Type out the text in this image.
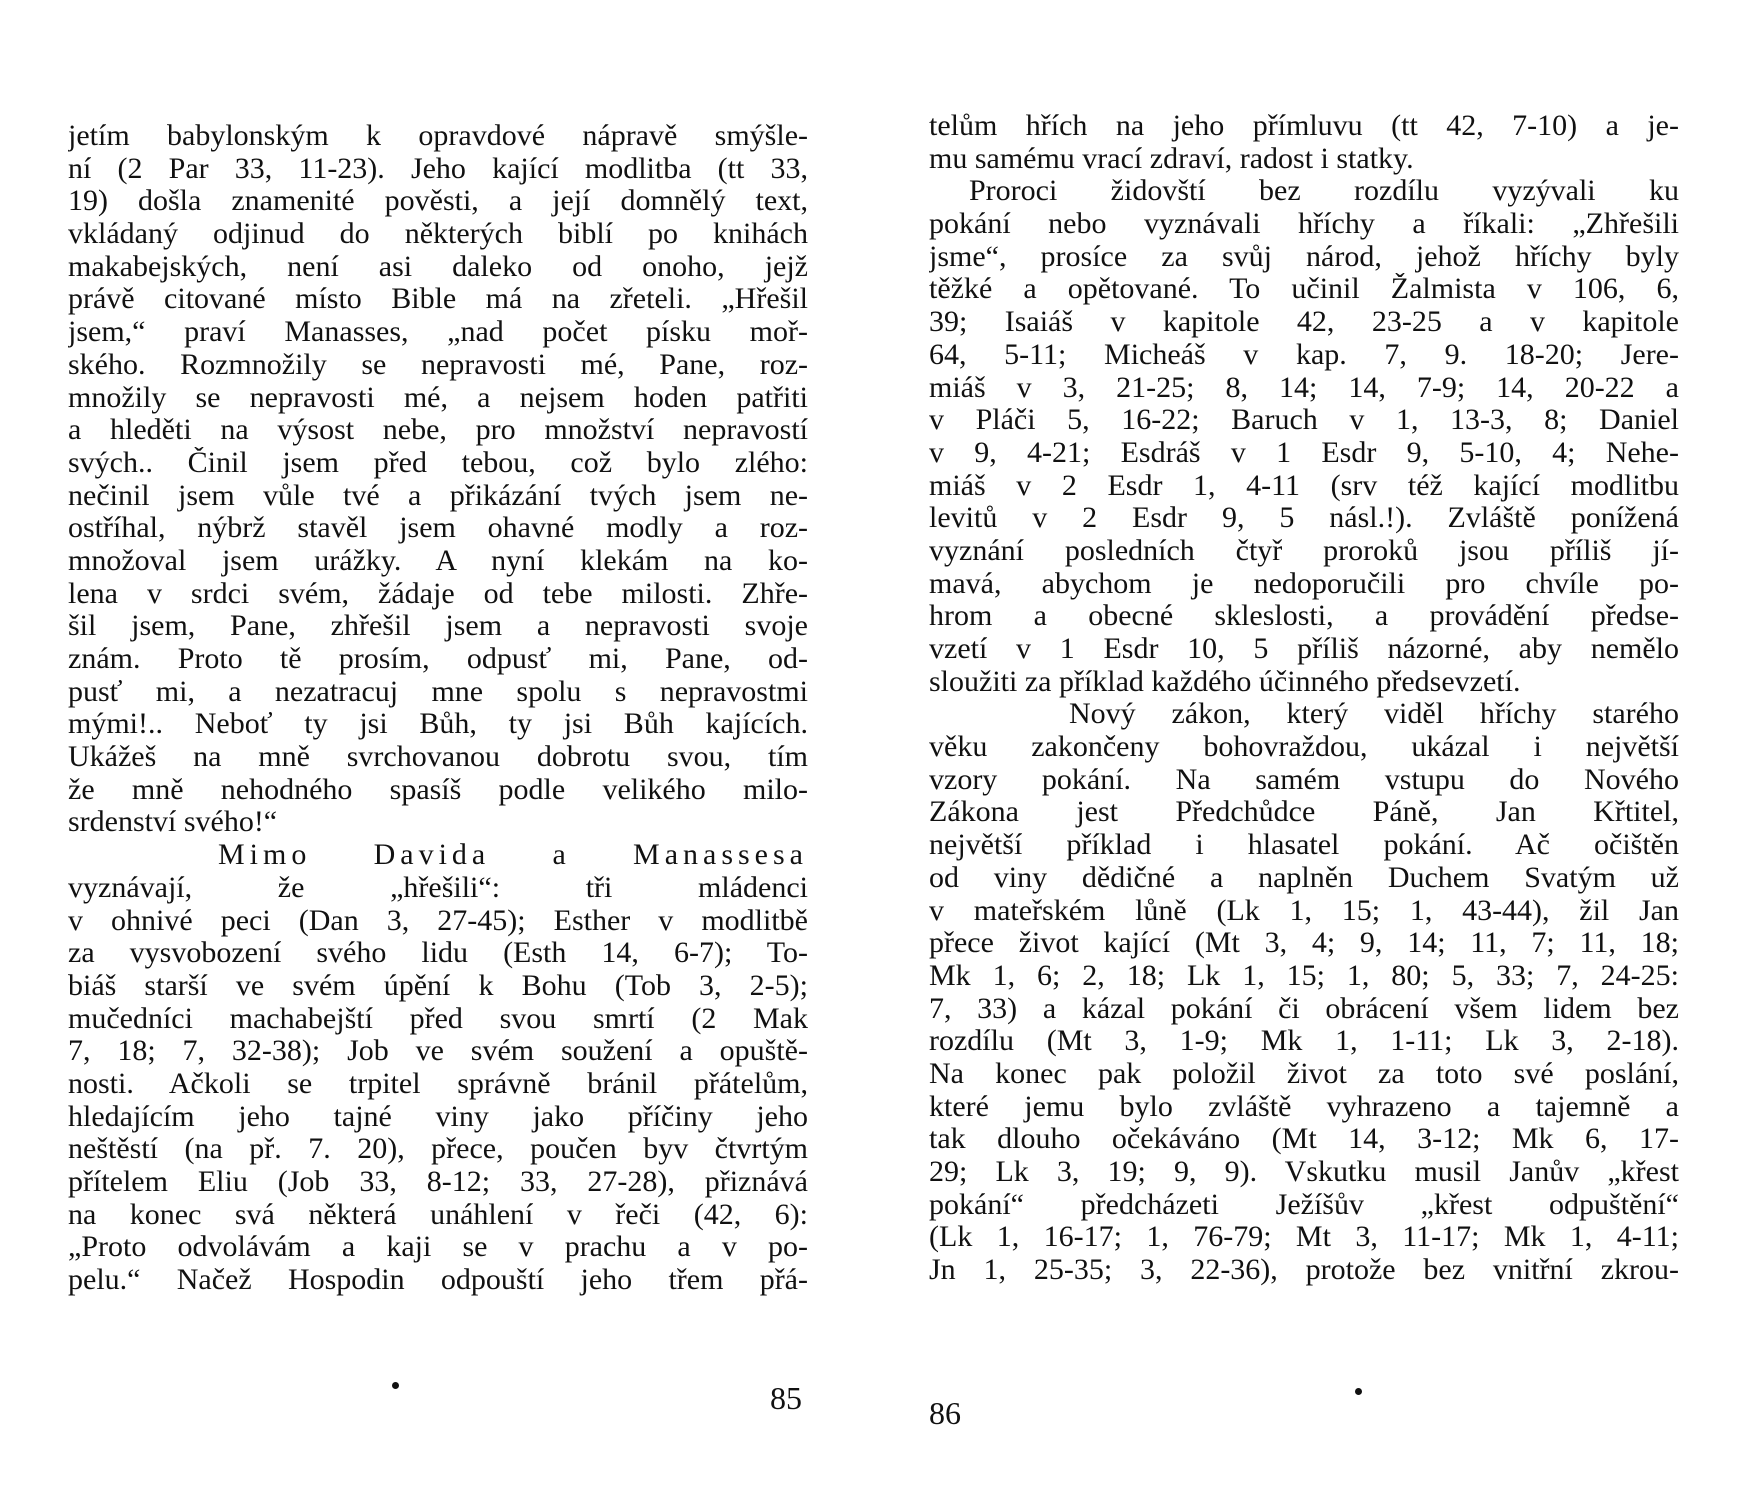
jetím babylonským k opravdové nápravě smýšle-
ní (2 Par 33, 11-23). Jeho kající modlitba (tt 33,
19) došla znamenité pověsti, a její domnělý text,
vkládaný odjinud do některých biblí po knihách
makabejských, není asi daleko od onoho, jejž
právě citované místo Bible má na zřeteli. „Hřešil
jsem,“ praví Manasses, „nad počet písku moř-
ského. Rozmnožily se nepravosti mé, Pane, roz-
množily se nepravosti mé, a nejsem hoden patřiti
a hleděti na výsost nebe, pro množství nepravostí
svých.. Činil jsem před tebou, což bylo zlého:
nečinil jsem vůle tvé a přikázání tvých jsem ne-
ostříhal, nýbrž stavěl jsem ohavné modly a roz-
množoval jsem urážky. A nyní klekám na ko-
lena v srdci svém, žádaje od tebe milosti. Zhře-
šil jsem, Pane, zhřešil jsem a nepravosti svoje
znám. Proto tě prosím, odpusť mi, Pane, od-
pusť mi, a nezatracuj mne spolu s nepravostmi
mými!.. Neboť ty jsi Bůh, ty jsi Bůh kajících.
Ukážeš na mně svrchovanou dobrotu svou, tím
že mně nehodného spasíš podle velikého milo-
srdenství svého!“
Mimo Davida a Manassesa
vyznávají, že „hřešili“: tři mládenci
v ohnivé peci (Dan 3, 27-45); Esther v modlitbě
za vysvobození svého lidu (Esth 14, 6-7); To-
biáš starší ve svém úpění k Bohu (Tob 3, 2-5);
mučedníci machabejští před svou smrtí (2 Mak
7, 18; 7, 32-38); Job ve svém soužení a opuště-
nosti. Ačkoli se trpitel správně bránil přátelům,
hledajícím jeho tajné viny jako příčiny jeho
neštěstí (na př. 7. 20), přece, poučen byv čtvrtým
přítelem Eliu (Job 33, 8-12; 33, 27-28), přiznává
na konec svá některá unáhlení v řeči (42, 6):
„Proto odvolávám a kaji se v prachu a v po-
pelu.“ Načež Hospodin odpouští jeho třem přá-
85
telům hřích na jeho přímluvu (tt 42, 7-10) a je-
mu samému vrací zdraví, radost i statky.
Proroci židovští bez rozdílu vyzývali ku
pokání nebo vyznávali hříchy a říkali: „Zhřešili
jsme“, prosíce za svůj národ, jehož hříchy byly
těžké a opětované. To učinil Žalmista v 106, 6,
39; Isaiáš v kapitole 42, 23-25 a v kapitole
64, 5-11; Micheáš v kap. 7, 9. 18-20; Jere-
miáš v 3, 21-25; 8, 14; 14, 7-9; 14, 20-22 a
v Pláči 5, 16-22; Baruch v 1, 13-3, 8; Daniel
v 9, 4-21; Esdráš v 1 Esdr 9, 5-10, 4; Nehe-
miáš v 2 Esdr 1, 4-11 (srv též kající modlitbu
levitů v 2 Esdr 9, 5 násl.!). Zvláště ponížená
vyznání posledních čtyř proroků jsou příliš jí-
mavá, abychom je nedoporučili pro chvíle po-
hrom a obecné skleslosti, a provádění předse-
vzetí v 1 Esdr 10, 5 příliš názorné, aby nemělo
sloužiti za příklad každého účinného předsevzetí.
Nový zákon, který viděl hříchy starého
věku zakončeny bohovraždou, ukázal i největší
vzory pokání. Na samém vstupu do Nového
Zákona jest Předchůdce Páně, Jan Křtitel,
největší příklad i hlasatel pokání. Ač očištěn
od viny dědičné a naplněn Duchem Svatým už
v mateřském lůně (Lk 1, 15; 1, 43-44), žil Jan
přece život kající (Mt 3, 4; 9, 14; 11, 7; 11, 18;
Mk 1, 6; 2, 18; Lk 1, 15; 1, 80; 5, 33; 7, 24-25:
7, 33) a kázal pokání či obrácení všem lidem bez
rozdílu (Mt 3, 1-9; Mk 1, 1-11; Lk 3, 2-18).
Na konec pak položil život za toto své poslání,
které jemu bylo zvláště vyhrazeno a tajemně a
tak dlouho očekáváno (Mt 14, 3-12; Mk 6, 17-
29; Lk 3, 19; 9, 9). Vskutku musil Janův „křest
pokání“ předcházeti Ježíšův „křest odpuštění“
(Lk 1, 16-17; 1, 76-79; Mt 3, 11-17; Mk 1, 4-11;
Jn 1, 25-35; 3, 22-36), protože bez vnitřní zkrou-
86
